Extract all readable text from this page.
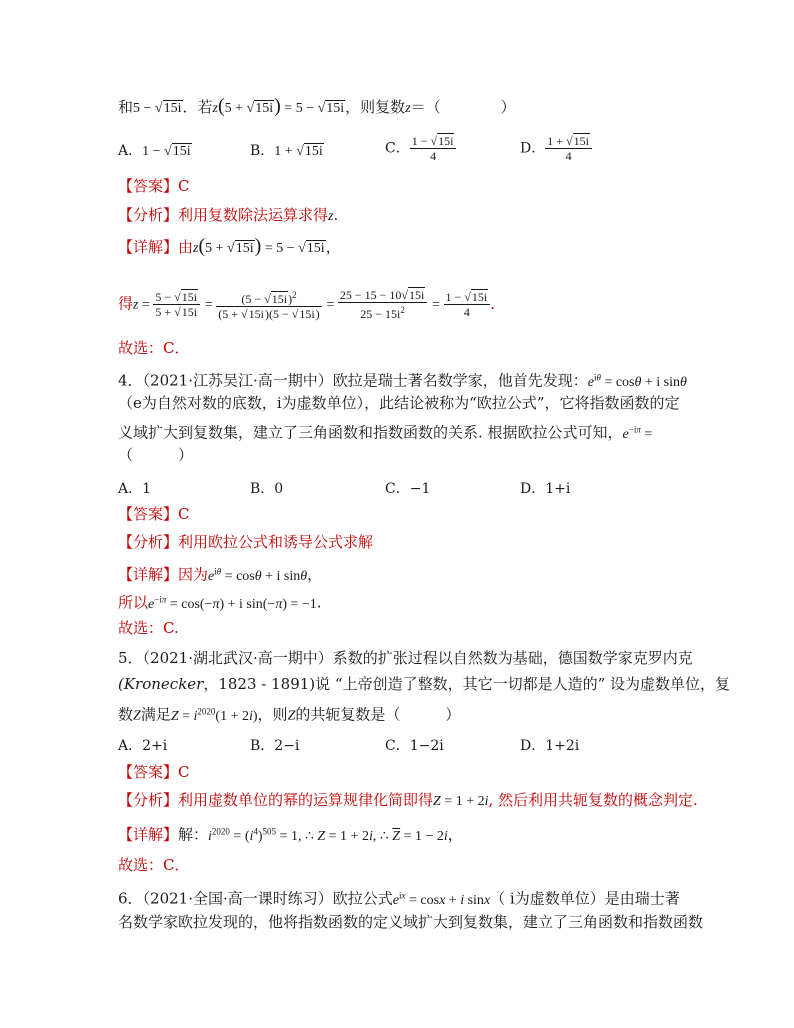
和5 − √15i．若z(5 + √15i) = 5 − √15i，则复数z＝（　　　　）
A．1 − √15i	B．1 + √15i	C． $\frac{1 - √15i}{4}$	D． $\frac{1 + √15i}{4}$
【答案】C
【分析】利用复数除法运算求得z.
【详解】由z(5 + √15i) = 5 − √15i，
得$z = \frac{5 - √15i}{5 + √15i} = \frac{(5 - √15i)^2}{(5 + √15i)(5 - √15i)} = \frac{25 - 15 - 10√15i}{25 - 15i^2} = \frac{1 - √15i}{4}$ ．
故选：C．
4．（2021·江苏吴江·高一期中）欧拉是瑞士著名数学家，他首先发现：$e^{i\theta} = \cos\theta + i$ sinθ
（e为自然对数的底数，i为虚数单位），此结论被称为“欧拉公式”，它将指数函数的定
义域扩大到复数集，建立了三角函数和指数函数的关系. 根据欧拉公式可知，$e^{-i\pi}$ =
（　　　）
A．1	B．0	C．−1	D．1+i
【答案】C
【分析】利用欧拉公式和诱导公式求解
【详解】因为$e^{i\theta} = \cos\theta + i$ sinθ，
所以$e^{-i\pi} = \cos(-\pi) + i$ sin(−π) = −1.
故选：C.
5．（2021·湖北武汉·高一期中）系数的扩张过程以自然数为基础，德国数学家克罗内克
(Kronecker，1823 - 1891)说 “上帝创造了整数，其它一切都是人造的” 设为虚数单位，复
数Z满足$Z = i^{2020}(1 + 2i)$，则Z的共轭复数是（　　　）
A．2+i	B．2−i	C．1−2i	D．1+2i
【答案】C
【分析】利用虚数单位的幂的运算规律化简即得Z = 1 + 2i, 然后利用共轭复数的概念判定.
【详解】解：$i^{2020} = (i^4)^{505} = 1$, ∴ Z = 1 + 2i, ∴ $\overline{Z} = 1 - 2i$，
故选：C．
6．（2021·全国·高一课时练习）欧拉公式$e^{ix} = \cos x + i$ sinx（ i为虚数单位）是由瑞士著
名数学家欧拉发现的，他将指数函数的定义域扩大到复数集，建立了三角函数和指数函数
